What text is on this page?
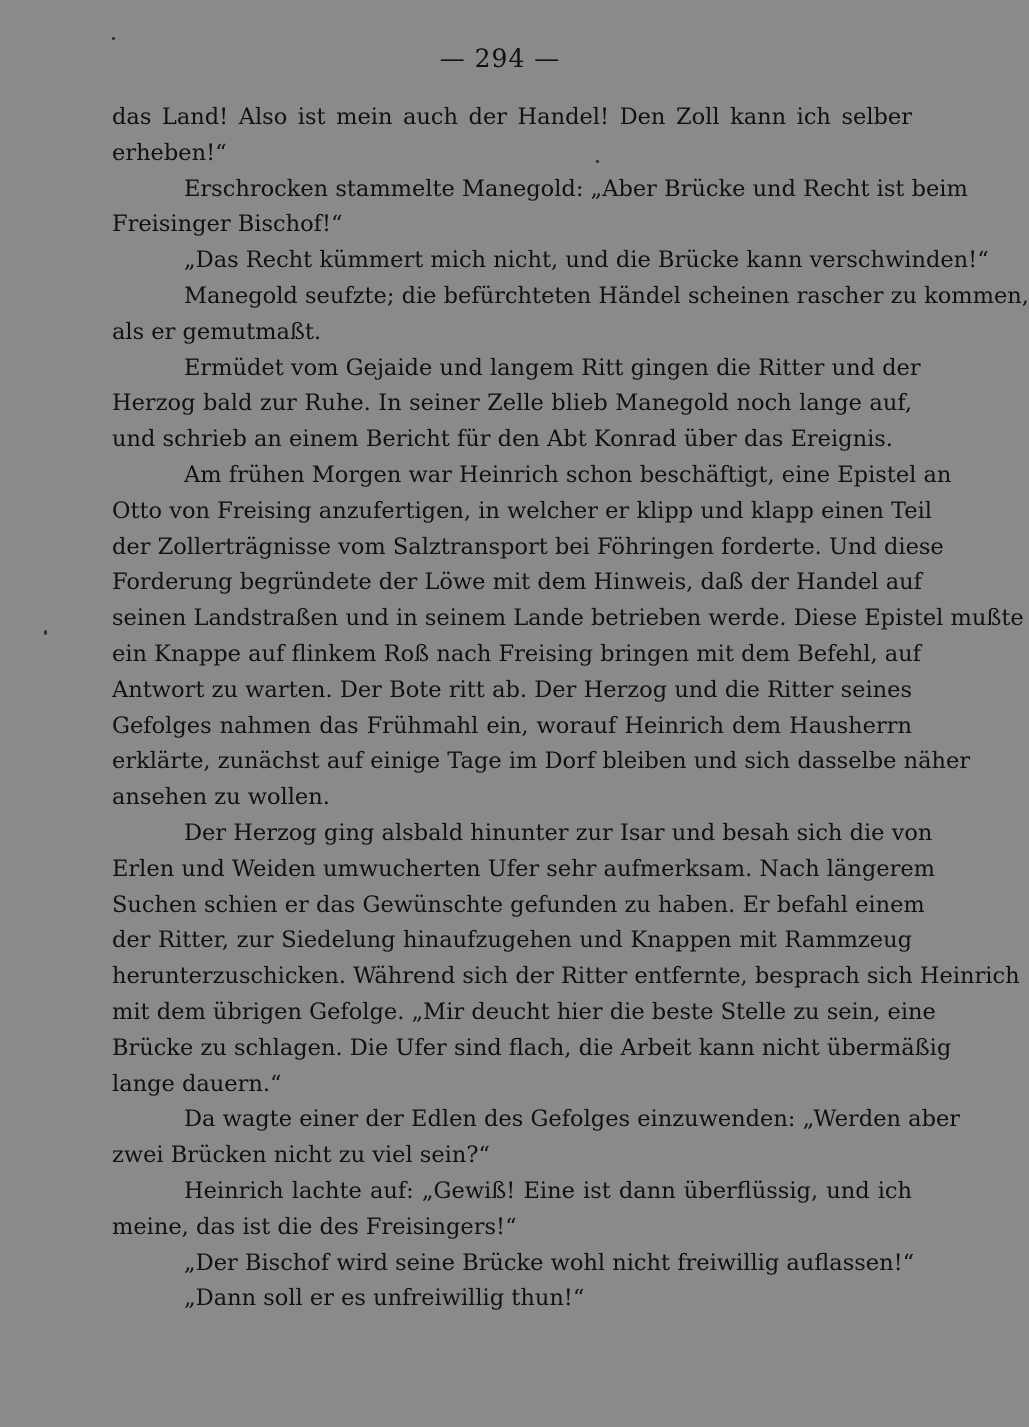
— 294 —
das Land! Also ist mein auch der Handel! Den Zoll kann ich selber
erheben!“
Erschrocken stammelte Manegold: „Aber Brücke und Recht ist beim
Freisinger Bischof!“
„Das Recht kümmert mich nicht, und die Brücke kann verschwinden!“
Manegold seufzte; die befürchteten Händel scheinen rascher zu kommen,
als er gemutmaßt.
Ermüdet vom Gejaide und langem Ritt gingen die Ritter und der
Herzog bald zur Ruhe. In seiner Zelle blieb Manegold noch lange auf,
und schrieb an einem Bericht für den Abt Konrad über das Ereignis.
Am frühen Morgen war Heinrich schon beschäftigt, eine Epistel an
Otto von Freising anzufertigen, in welcher er klipp und klapp einen Teil
der Zollerträgnisse vom Salztransport bei Föhringen forderte. Und diese
Forderung begründete der Löwe mit dem Hinweis, daß der Handel auf
seinen Landstraßen und in seinem Lande betrieben werde. Diese Epistel mußte
ein Knappe auf flinkem Roß nach Freising bringen mit dem Befehl, auf
Antwort zu warten. Der Bote ritt ab. Der Herzog und die Ritter seines
Gefolges nahmen das Frühmahl ein, worauf Heinrich dem Hausherrn
erklärte, zunächst auf einige Tage im Dorf bleiben und sich dasselbe näher
ansehen zu wollen.
Der Herzog ging alsbald hinunter zur Isar und besah sich die von
Erlen und Weiden umwucherten Ufer sehr aufmerksam. Nach längerem
Suchen schien er das Gewünschte gefunden zu haben. Er befahl einem
der Ritter, zur Siedelung hinaufzugehen und Knappen mit Rammzeug
herunterzuschicken. Während sich der Ritter entfernte, besprach sich Heinrich
mit dem übrigen Gefolge. „Mir deucht hier die beste Stelle zu sein, eine
Brücke zu schlagen. Die Ufer sind flach, die Arbeit kann nicht übermäßig
lange dauern.“
Da wagte einer der Edlen des Gefolges einzuwenden: „Werden aber
zwei Brücken nicht zu viel sein?“
Heinrich lachte auf: „Gewiß! Eine ist dann überflüssig, und ich
meine, das ist die des Freisingers!“
„Der Bischof wird seine Brücke wohl nicht freiwillig auflassen!“
„Dann soll er es unfreiwillig thun!“
